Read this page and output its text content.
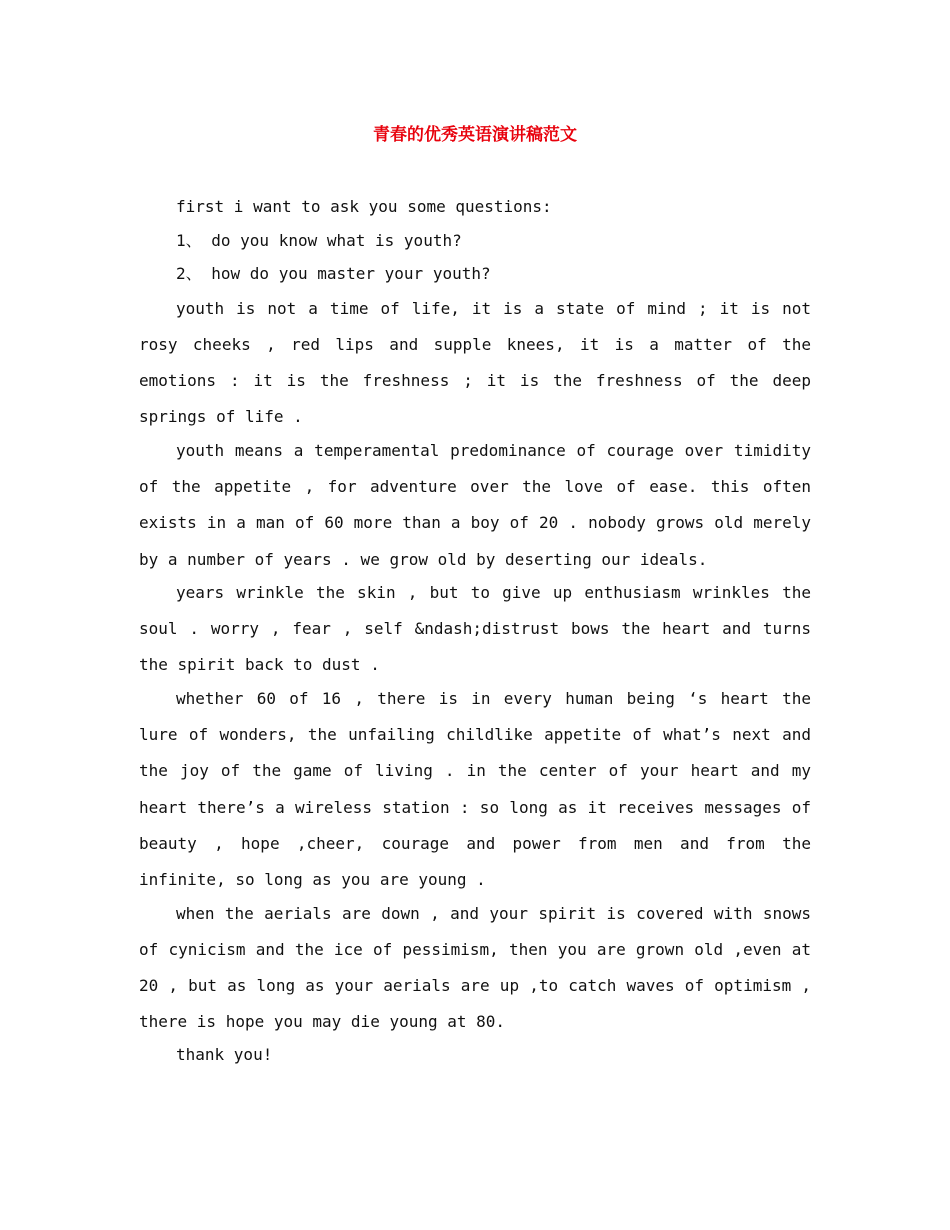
青春的优秀英语演讲稿范文

first i want to ask you some questions:

1、 do you know what is youth?

2、 how do you master your youth?

youth is not a time of life, it is a state of mind ; it is not rosy cheeks , red lips and supple knees, it is a matter of the emotions : it is the freshness ; it is the freshness of the deep springs of life .

youth means a temperamental predominance of courage over timidity of the appetite , for adventure over the love of ease. this often exists in a man of 60 more than a boy of 20 . nobody grows old merely by a number of years . we grow old by deserting our ideals.

years wrinkle the skin , but to give up enthusiasm wrinkles the soul . worry , fear , self &ndash;distrust bows the heart and turns the spirit back to dust .

whether 60 of 16 , there is in every human being ‘s heart the lure of wonders, the unfailing childlike appetite of what’s next and the joy of the game of living . in the center of your heart and my heart there’s a wireless station : so long as it receives messages of beauty , hope ,cheer, courage and power from men and from the infinite, so long as you are young .

when the aerials are down , and your spirit is covered with snows of cynicism and the ice of pessimism, then you are grown old ,even at 20 , but as long as your aerials are up ,to catch waves of optimism , there is hope you may die young at 80.

thank you!
